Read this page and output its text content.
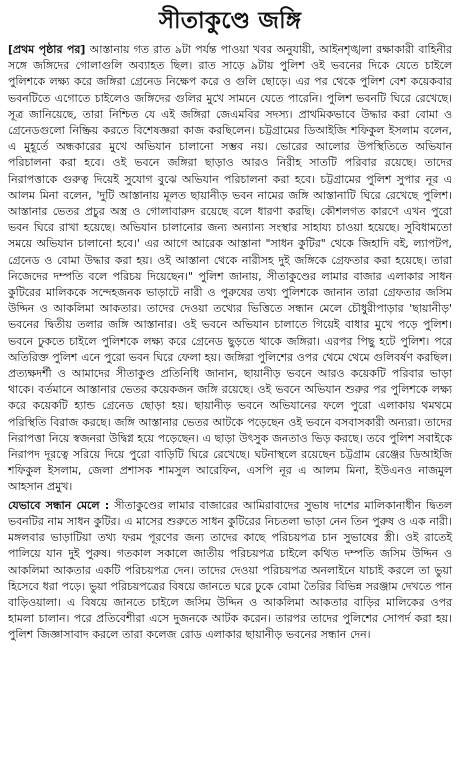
সীতাকুণ্ডে জঙ্গি

[প্রথম পৃষ্ঠার পর] আস্তানায় গত রাত ৯টা পর্যন্ত পাওয়া খবর অনুযায়ী, আইনশৃঙ্খলা রক্ষাকারী বাহিনীর সঙ্গে জঙ্গিদের গোলাগুলি অব্যাহত ছিল। রাত সাড়ে ৯টায় পুলিশ ওই ভবনের দিকে যেতে চাইলে পুলিশকে লক্ষ্য করে জঙ্গিরা গ্রেনেড নিক্ষেপ করে ও গুলি ছোড়ে। এর পর থেকে পুলিশ বেশ কয়েকবার ভবনটিতে এগোতে চাইলেও জঙ্গিদের গুলির মুখে সামনে যেতে পারেনি। পুলিশ ভবনটি ঘিরে রেখেছে। সূত্র জানিয়েছে, তারা নিশ্চিত যে এই জঙ্গিরা জেএমবির সদস্য। প্রাথমিকভাবে উদ্ধার করা বোমা ও গ্রেনেডগুলো নিষ্ক্রিয় করতে বিশেষজ্ঞরা কাজ করছিলেন। চট্টগ্রামের ডিআইজি শফিকুল ইসলাম বলেন, এ মুহূর্তে অন্ধকারের মুখে অভিযান চালানো সম্ভব নয়। ভোরের আলোর উপস্থিতিতে অভিযান পরিচালনা করা হবে। ওই ভবনে জঙ্গিরা ছাড়াও আরও নিরীহ সাতটি পরিবার রয়েছে। তাদের নিরাপত্তাকে গুরুত্ব দিয়েই সুযোগ বুঝে অভিযান পরিচালনা করা হবে। চট্টগ্রামের পুলিশ সুপার নূর এ আলম মিনা বলেন, 'দুটি আস্তানায় মূলত ছায়ানীড় ভবন নামের জঙ্গি আস্তানাটি ঘিরে রেখেছে পুলিশ। আস্তানার ভেতর প্রচুর অস্ত্র ও গোলাবারুদ রয়েছে বলে ধারণা করছি। কৌশলগত কারণে এখন পুরো ভবন ঘিরে রাখা হয়েছে। অভিযান চালানোর জন্য অন্যান্য সংস্থার সাহায্য চাওয়া হয়েছে। সুবিধামতো সময়ে অভিযান চালানো হবে।' এর আগে আরেক আস্তানা "সাধন কুটির" থেকে জিহাদি বই, ল্যাপটপ, গ্রেনেড ও বোমা উদ্ধার করা হয়। ওই আস্তানা থেকে নারীসহ দুই জঙ্গিকে গ্রেফতার করা হয়েছে। তারা নিজেদের দম্পতি বলে পরিচয় দিয়েছেন।" পুলিশ জানায়, সীতাকুণ্ডের লামার বাজার এলাকার সাধন কুটিরের মালিককে সন্দেহজনক ভাড়াটে নারী ও পুরুষের তথ্য পুলিশকে জানান তারা গ্রেফতার জসিম উদ্দিন ও আকলিমা আকতার। তাদের দেওয়া তথ্যের ভিত্তিতে সন্ধান মেলে চৌধুরীপাড়ার 'ছায়ানীড়' ভবনের দ্বিতীয় তলার জঙ্গি আস্তানার। ওই ভবনে অভিযান চালাতে গিয়েই বাধার মুখে পড়ে পুলিশ। ভবনে ঢুকতে চাইলে পুলিশকে লক্ষ্য করে গ্রেনেড ছুড়তে থাকে জঙ্গিরা। এরপর পিছু হটে পুলিশ। পরে অতিরিক্ত পুলিশ এনে পুরো ভবন ঘিরে ফেলা হয়। জঙ্গিরা পুলিশের ওপর থেমে থেমে গুলিবর্ষণ করছিল। প্রত্যক্ষদর্শী ও আমাদের সীতাকুণ্ড প্রতিনিধি জানান, ছায়ানীড় ভবনে আরও কয়েকটি পরিবার ভাড়া থাকে। বর্তমানে আস্তানার ভেতর কয়েকজন জঙ্গি রয়েছে। ওই ভবনে অভিযান শুরুর পর পুলিশকে লক্ষ্য করে কয়েকটি হ্যান্ড গ্রেনেড ছোড়া হয়। ছায়ানীড় ভবনে অভিযানের ফলে পুরো এলাকায় থমথমে পরিস্থিতি বিরাজ করছে। জঙ্গি আস্তানার ভেতর আটকে পড়েছেন ওই ভবনে বসবাসকারী অন্যরা। তাদের নিরাপত্তা নিয়ে স্বজনরা উদ্বিগ্ন হয়ে পড়েছেন। এ ছাড়া উৎসুক জনতাও ভিড় করছে। তবে পুলিশ সবাইকে নিরাপদ দূরত্বে সরিয়ে দিয়ে পুরো বাড়িটি ঘিরে রেখেছে। ঘটনাস্থলে রয়েছেন চট্টগ্রাম রেঞ্জের ডিআইজি শফিকুল ইসলাম, জেলা প্রশাসক শামসুল আরেফিন, এসপি নূর এ আলম মিনা, ইউএনও নাজমুল আহসান প্রমুখ।

যেভাবে সন্ধান মেলে : সীতাকুণ্ডের লামার বাজারের আমিরাবাদের সুভাষ দাশের মালিকানাধীন দ্বিতল ভবনটির নাম সাধন কুটির। এ মাসের শুরুতে সাধন কুটিরের নিচতলা ভাড়া নেন তিন পুরুষ ও এক নারী। মঙ্গলবার ভাড়াটিয়া তথ্য ফরম পূরণের জন্য তাদের কাছে পরিচয়পত্র চান সুভাষের স্ত্রী। ওই রাতেই পালিয়ে যান দুই পুরুষ। গতকাল সকালে জাতীয় পরিচয়পত্র চাইলে কথিত দম্পতি জসিম উদ্দিন ও আকলিমা আকতার একটি পরিচয়পত্র দেন। তাদের দেওয়া পরিচয়পত্র অনলাইনে যাচাই করলে তা ভুয়া হিসেবে ধরা পড়ে। ভুয়া পরিচয়পত্রের বিষয়ে জানতে ঘরে ঢুকে বোমা তৈরির বিভিন্ন সরঞ্জাম দেখতে পান বাড়িওয়ালা। এ বিষয়ে জানতে চাইলে জসিম উদ্দিন ও আকলিমা আকতার বাড়ির মালিকের ওপর হামলা চালান। পরে প্রতিবেশীরা এসে দুজনকে আটক করেন। তারপর তাদের পুলিশের সোপর্দ করা হয়। পুলিশ জিজ্ঞাসাবাদ করলে তারা কলেজ রোড এলাকার ছায়ানীড় ভবনের সন্ধান দেন।
